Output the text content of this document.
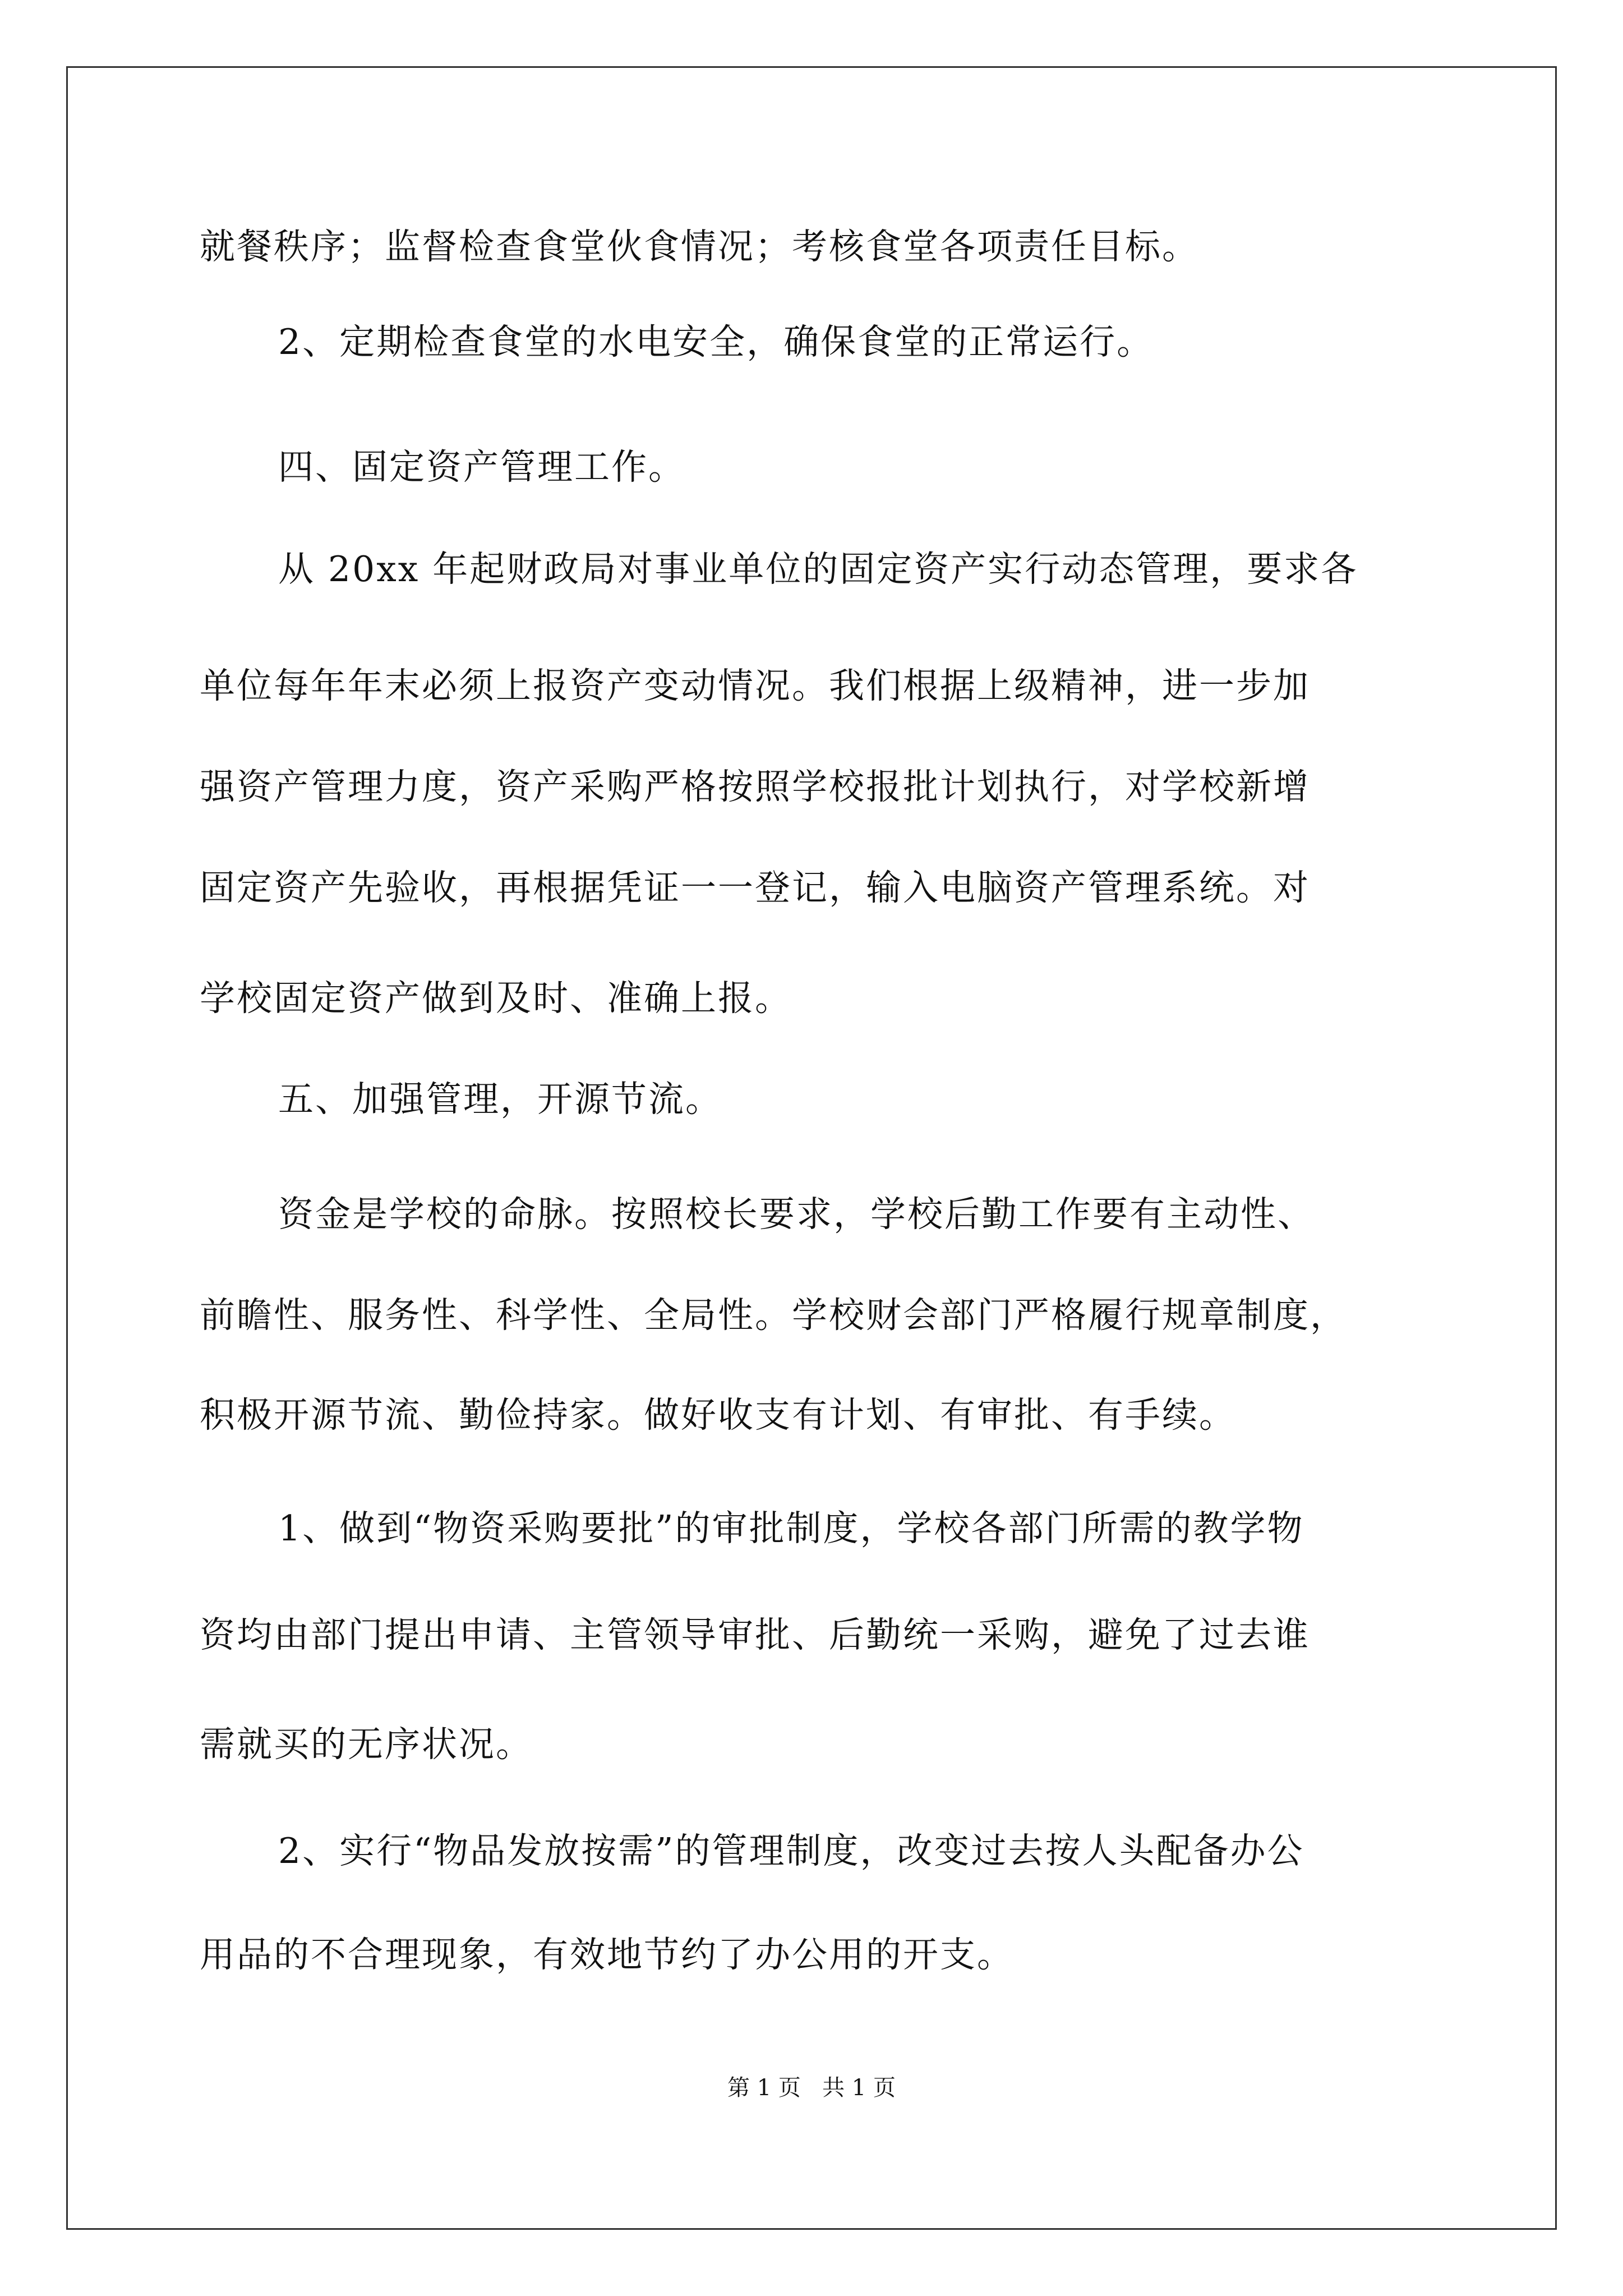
就餐秩序；监督检查食堂伙食情况；考核食堂各项责任目标。

2、定期检查食堂的水电安全，确保食堂的正常运行。

四、固定资产管理工作。

从 20xx 年起财政局对事业单位的固定资产实行动态管理，要求各

单位每年年末必须上报资产变动情况。我们根据上级精神，进一步加

强资产管理力度，资产采购严格按照学校报批计划执行，对学校新增

固定资产先验收，再根据凭证一一登记，输入电脑资产管理系统。对

学校固定资产做到及时、准确上报。

五、加强管理，开源节流。

资金是学校的命脉。按照校长要求，学校后勤工作要有主动性、

前瞻性、服务性、科学性、全局性。学校财会部门严格履行规章制度，

积极开源节流、勤俭持家。做好收支有计划、有审批、有手续。

1、做到“物资采购要批”的审批制度，学校各部门所需的教学物

资均由部门提出申请、主管领导审批、后勤统一采购，避免了过去谁

需就买的无序状况。

2、实行“物品发放按需”的管理制度，改变过去按人头配备办公

用品的不合理现象，有效地节约了办公用的开支。

第 1 页   共 1 页
